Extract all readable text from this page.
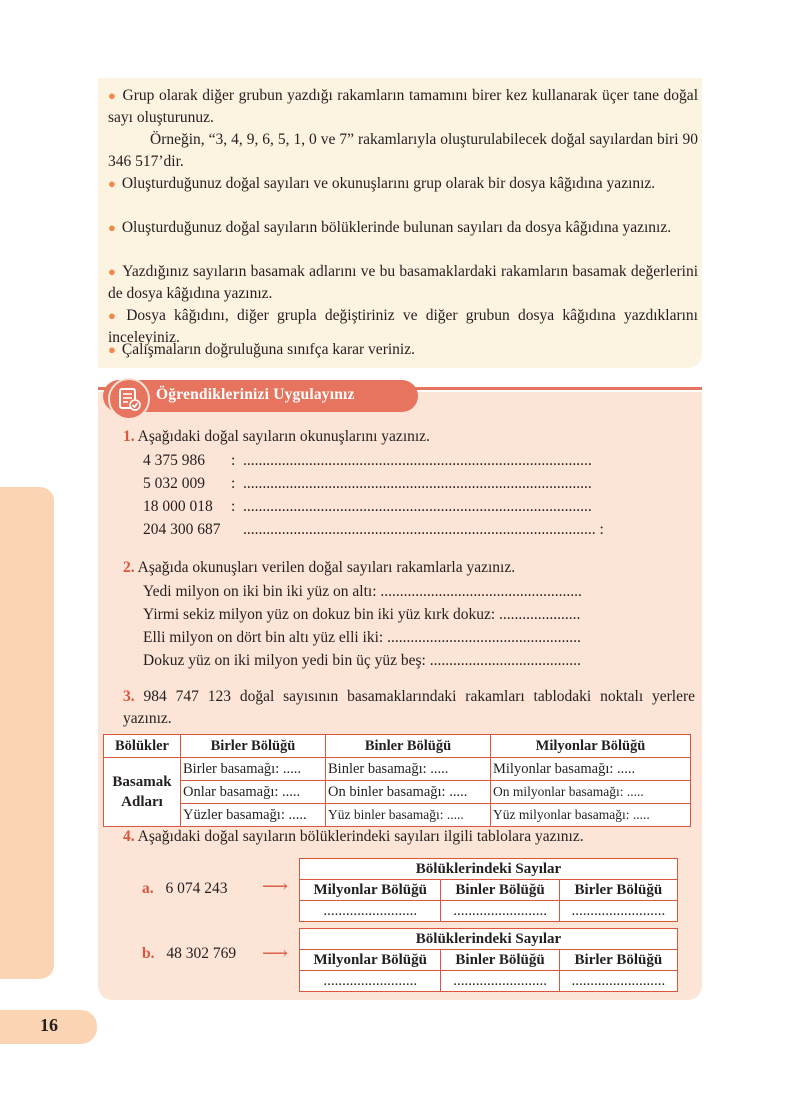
16
● Grup olarak diğer grubun yazdığı rakamların tamamını birer kez kullanarak üçer tane doğal sayı oluşturunuz.
Örneğin, “3, 4, 9, 6, 5, 1, 0 ve 7” rakamlarıyla oluşturulabilecek doğal sayılardan biri 90 346 517’dir.
● Oluşturduğunuz doğal sayıları ve okunuşlarını grup olarak bir dosya kâğıdına yazınız.
● Oluşturduğunuz doğal sayıların bölüklerinde bulunan sayıları da dosya kâğıdına yazınız.
● Yazdığınız sayıların basamak adlarını ve bu basamaklardaki rakamların basamak değerlerini de dosya kâğıdına yazınız.
● Dosya kâğıdını, diğer grupla değiştiriniz ve diğer grubun dosya kâğıdına yazdıklarını inceleyiniz.
● Çalışmaların doğruluğuna sınıfça karar veriniz.
Öğrendiklerinizi Uygulayınız
1. Aşağıdaki doğal sayıların okunuşlarını yazınız.
4 375 986 : ..........................................................................................
5 032 009 : ..........................................................................................
18 000 018 : ..........................................................................................
204 300 687 ........................................................................................... :
2. Aşağıda okunuşları verilen doğal sayıları rakamlarla yazınız.
Yedi milyon on iki bin iki yüz on altı: ....................................................
Yirmi sekiz milyon yüz on dokuz bin iki yüz kırk dokuz: .....................
Elli milyon on dört bin altı yüz elli iki: ..................................................
Dokuz yüz on iki milyon yedi bin üç yüz beş: .......................................
3. 984 747 123 doğal sayısının basamaklarındaki rakamları tablodaki noktalı yerlere yazınız.
Bölükler	Birler Bölüğü	Binler Bölüğü	Milyonlar Bölüğü
Basamak
Adları	Birler basamağı: .....	Binler basamağı: .....	Milyonlar basamağı: .....
	Onlar basamağı: .....	On binler basamağı: .....	On milyonlar basamağı: .....
	Yüzler basamağı: .....	Yüz binler basamağı: .....	Yüz milyonlar basamağı: .....
4. Aşağıdaki doğal sayıların bölüklerindeki sayıları ilgili tablolara yazınız.
a. 6 074 243 ⟶
Bölüklerindeki Sayılar		
Milyonlar Bölüğü	Binler Bölüğü	Birler Bölüğü
.........................	.........................	.........................
b. 48 302 769 ⟶
Bölüklerindeki Sayılar		
Milyonlar Bölüğü	Binler Bölüğü	Birler Bölüğü
.........................	.........................	.........................
